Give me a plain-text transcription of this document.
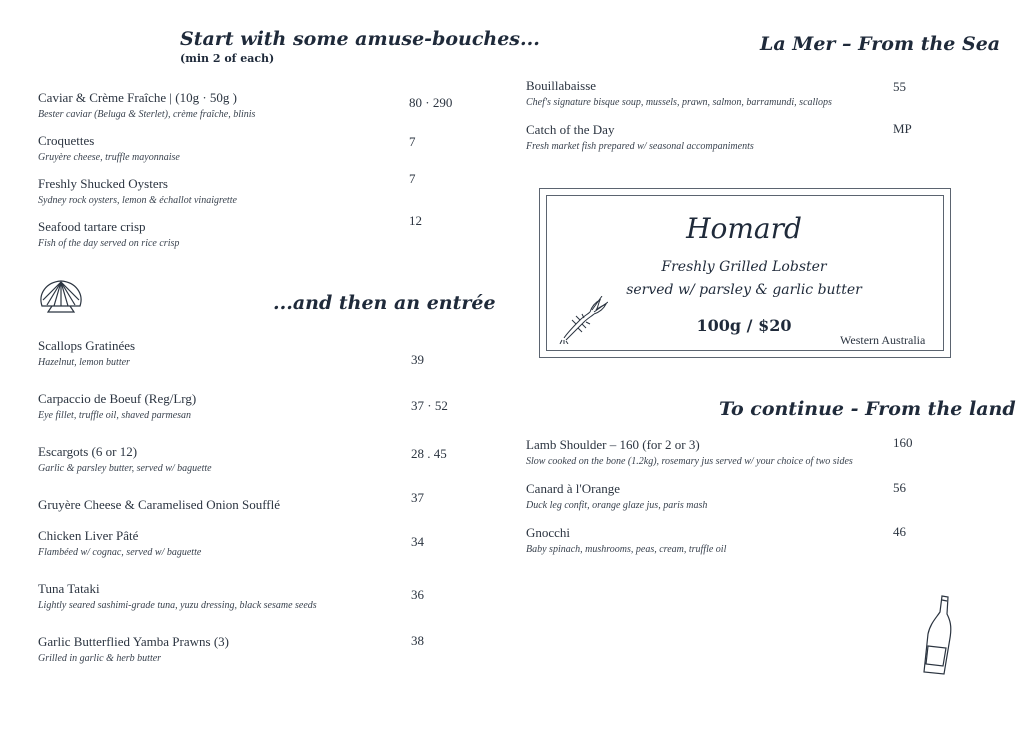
Start with some amuse-bouches...
(min 2 of each)
Caviar & Crème Fraîche | (10g · 50g )
Bester caviar (Beluga & Sterlet), crème fraîche, blinis
80 · 290
Croquettes
Gruyère cheese, truffle mayonnaise
7
Freshly Shucked Oysters
Sydney rock oysters, lemon & échallot vinaigrette
7
Seafood tartare crisp
Fish of the day served on rice crisp
12
...and then an entrée
Scallops Gratinées
Hazelnut, lemon butter	39
Carpaccio de Boeuf (Reg/Lrg)
Eye fillet, truffle oil, shaved parmesan
37 · 52
Escargots (6 or 12)
Garlic & parsley butter, served w/ baguette
28 . 45
Gruyère Cheese & Caramelised Onion Soufflé	37
Chicken Liver Pâté
Flambéed w/ cognac, served w/ baguette
34
Tuna Tataki
Lightly seared sashimi-grade tuna, yuzu dressing, black sesame seeds
36
Garlic Butterflied Yamba Prawns (3)
Grilled in garlic & herb butter
38
La Mer – From the Sea
Bouillabaisse
Chef's signature bisque soup, mussels, prawn, salmon, barramundi, scallops
55
Catch of the Day
Fresh market fish prepared w/ seasonal accompaniments
MP
Homard
Freshly Grilled Lobster
served w/ parsley & garlic butter
100g / $20
Western Australia
To continue - From the land
Lamb Shoulder – 160 (for 2 or 3)
Slow cooked on the bone (1.2kg), rosemary jus served w/ your choice of two sides
160
Canard à l'Orange
Duck leg confit, orange glaze jus, paris mash
56
Gnocchi
Baby spinach, mushrooms, peas, cream, truffle oil
46
